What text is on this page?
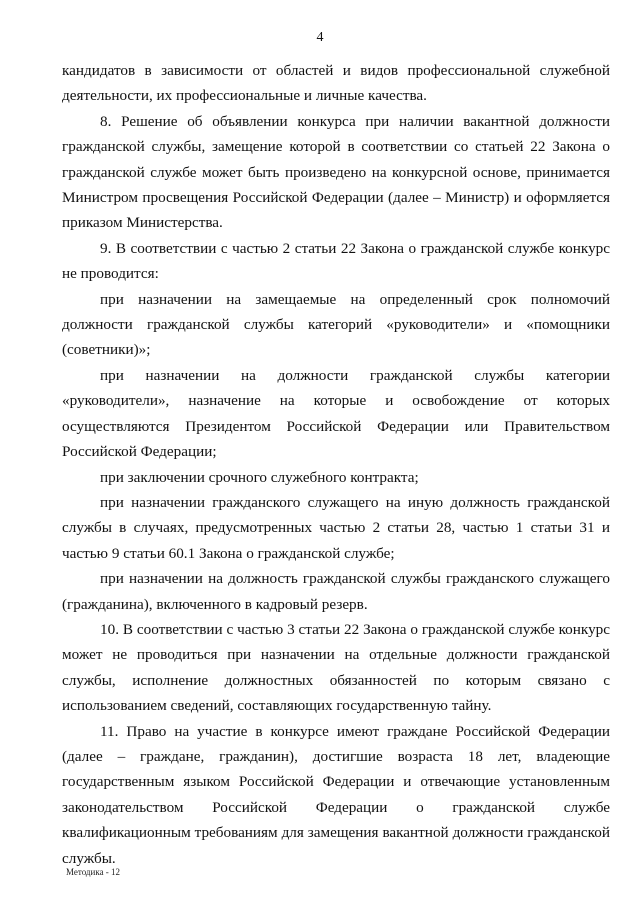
4

кандидатов в зависимости от областей и видов профессиональной служебной деятельности, их профессиональные и личные качества.

8. Решение об объявлении конкурса при наличии вакантной должности гражданской службы, замещение которой в соответствии со статьей 22 Закона о гражданской службе может быть произведено на конкурсной основе, принимается Министром просвещения Российской Федерации (далее – Министр) и оформляется приказом Министерства.

9. В соответствии с частью 2 статьи 22 Закона о гражданской службе конкурс не проводится:

при назначении на замещаемые на определенный срок полномочий должности гражданской службы категорий «руководители» и «помощники (советники)»;

при назначении на должности гражданской службы категории «руководители», назначение на которые и освобождение от которых осуществляются Президентом Российской Федерации или Правительством Российской Федерации;

при заключении срочного служебного контракта;

при назначении гражданского служащего на иную должность гражданской службы в случаях, предусмотренных частью 2 статьи 28, частью 1 статьи 31 и частью 9 статьи 60.1 Закона о гражданской службе;

при назначении на должность гражданской службы гражданского служащего (гражданина), включенного в кадровый резерв.

10. В соответствии с частью 3 статьи 22 Закона о гражданской службе конкурс может не проводиться при назначении на отдельные должности гражданской службы, исполнение должностных обязанностей по которым связано с использованием сведений, составляющих государственную тайну.

11. Право на участие в конкурсе имеют граждане Российской Федерации (далее – граждане, гражданин), достигшие возраста 18 лет, владеющие государственным языком Российской Федерации и отвечающие установленным законодательством Российской Федерации о гражданской службе квалификационным требованиям для замещения вакантной должности гражданской службы.

Методика - 12
